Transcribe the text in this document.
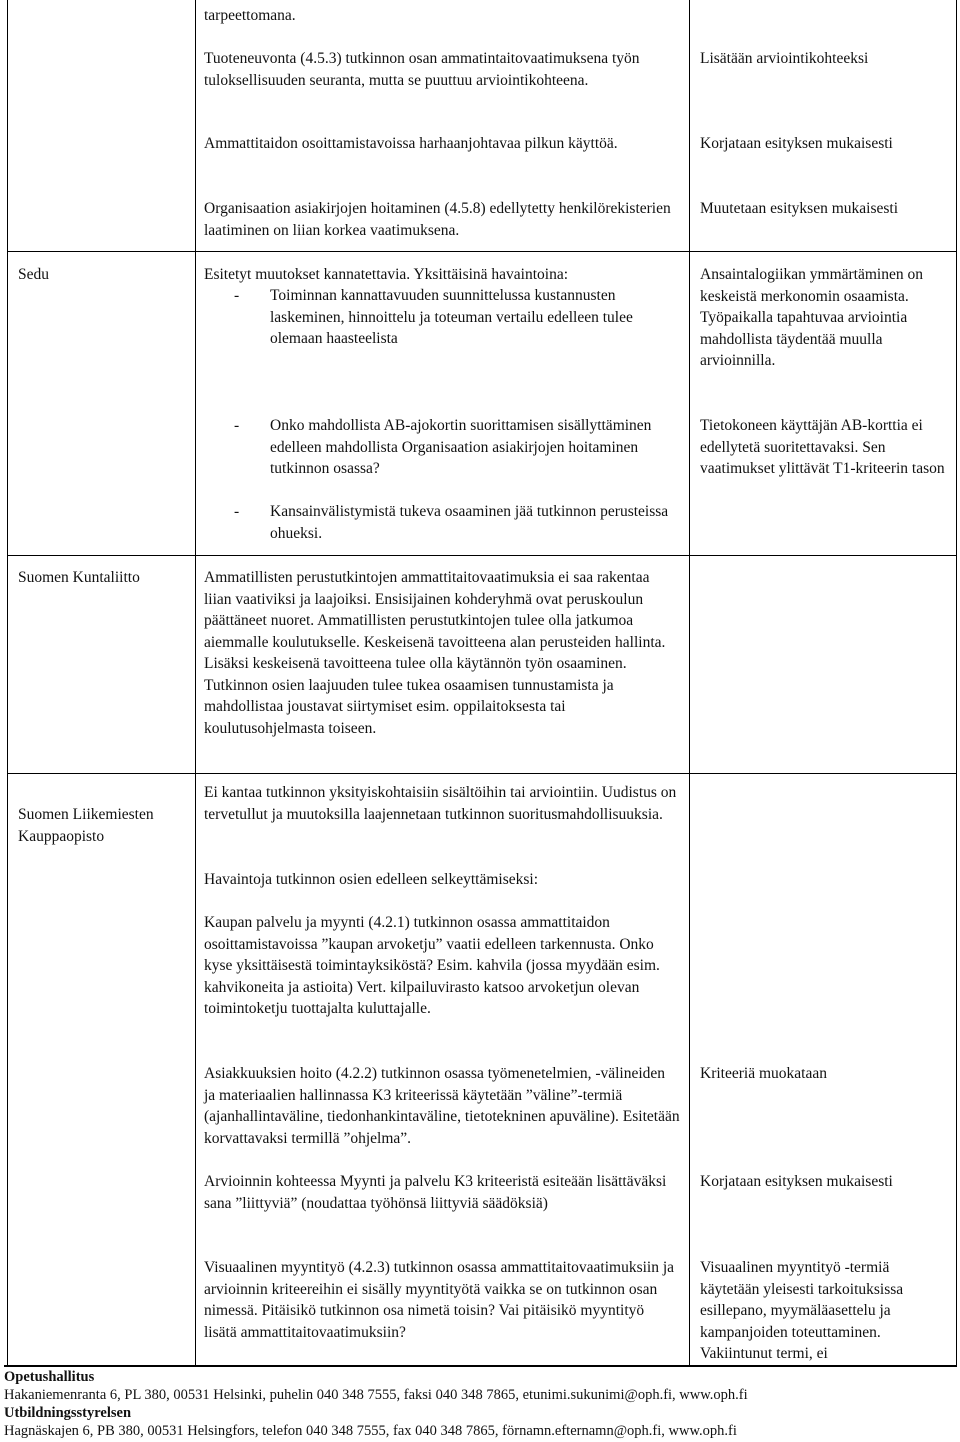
tarpeettomana.

Tuoteneuvonta (4.5.3) tutkinnon osan ammatintaitovaatimuksena työn tuloksellisuuden seuranta, mutta se puuttuu arviointikohteena.

Ammattitaidon osoittamistavoissa harhaanjohtavaa pilkun käyttöä.

Organisaation asiakirjojen hoitaminen (4.5.8) edellytetty henkilörekisterien laatiminen on liian korkea vaatimuksena.

Lisätään arviointikohteeksi

Korjataan esityksen mukaisesti

Muutetaan esityksen mukaisesti

Sedu	Esitetyt muutokset kannatettavia. Yksittäisinä havaintoina:

- Toiminnan kannattavuuden suunnittelussa kustannusten laskeminen, hinnoittelu ja toteuman vertailu edelleen tulee olemaan haasteelista
- Onko mahdollista AB-ajokortin suorittamisen sisällyttäminen edelleen mahdollista Organisaation asiakirjojen hoitaminen tutkinnon osassa?
- Kansainvälistymistä tukeva osaaminen jää tutkinnon perusteissa ohueksi.

Ansaintalogiikan ymmärtäminen on keskeistä merkonomin osaamista. Työpaikalla tapahtuvaa arviointia mahdollista täydentää muulla arvioinnilla.

Tietokoneen käyttäjän AB-korttia ei edellytetä suoritettavaksi. Sen vaatimukset ylittävät T1-kriteerin tason

Suomen Kuntaliitto	Ammatillisten perustutkintojen ammattitaitovaatimuksia ei saa rakentaa liian vaativiksi ja laajoiksi. Ensisijainen kohderyhmä ovat peruskoulun päättäneet nuoret. Ammatillisten perustutkintojen tulee olla jatkumoa aiemmalle koulutukselle. Keskeisenä tavoitteena alan perusteiden hallinta. Lisäksi keskeisenä tavoitteena tulee olla käytännön työn osaaminen. Tutkinnon osien laajuuden tulee tukea osaamisen tunnustamista ja mahdollistaa joustavat siirtymiset esim. oppilaitoksesta tai koulutusohjelmasta toiseen.

Suomen Liikemiesten Kauppaopisto

Ei kantaa tutkinnon yksityiskohtaisiin sisältöihin tai arviointiin. Uudistus on tervetullut ja muutoksilla laajennetaan tutkinnon suoritusmahdollisuuksia.

Havaintoja tutkinnon osien edelleen selkeyttämiseksi:

Kaupan palvelu ja myynti (4.2.1) tutkinnon osassa ammattitaidon osoittamistavoissa ”kaupan arvoketju” vaatii edelleen tarkennusta. Onko kyse yksittäisestä toimintayksiköstä? Esim. kahvila (jossa myydään esim. kahvikoneita ja astioita) Vert. kilpailuvirasto katsoo arvoketjun olevan toimintoketju tuottajalta kuluttajalle.

Asiakkuuksien hoito (4.2.2) tutkinnon osassa työmenetelmien, -välineiden ja materiaalien hallinnassa K3 kriteerissä käytetään ”väline”-termiä (ajanhallintaväline, tiedonhankintaväline, tietotekninen apuväline). Esitetään korvattavaksi termillä ”ohjelma”.

Arvioinnin kohteessa Myynti ja palvelu K3 kriteeristä esiteään lisättäväksi sana ”liittyviä” (noudattaa työhönsä liittyviä säädöksiä)

Visuaalinen myyntityö (4.2.3) tutkinnon osassa ammattitaitovaatimuksiin ja arvioinnin kriteereihin ei sisälly myyntityötä vaikka se on tutkinnon osan nimessä. Pitäisikö tutkinnon osa nimetä toisin? Vai pitäisikö myyntityö lisätä ammattitaitovaatimuksiin?

Kriteeriä muokataan

Korjataan esityksen mukaisesti

Visuaalinen myyntityö -termiä käytetään yleisesti tarkoituksissa esillepano, myymäläasettelu ja kampanjoiden toteuttaminen. Vakiintunut termi, ei

Opetushallitus
Hakaniemenranta 6, PL 380, 00531 Helsinki, puhelin 040 348 7555, faksi 040 348 7865, etunimi.sukunimi@oph.fi, www.oph.fi
Utbildningsstyrelsen
Hagnäskajen 6, PB 380, 00531 Helsingfors, telefon 040 348 7555, fax 040 348 7865, förnamn.efternamn@oph.fi, www.oph.fi
